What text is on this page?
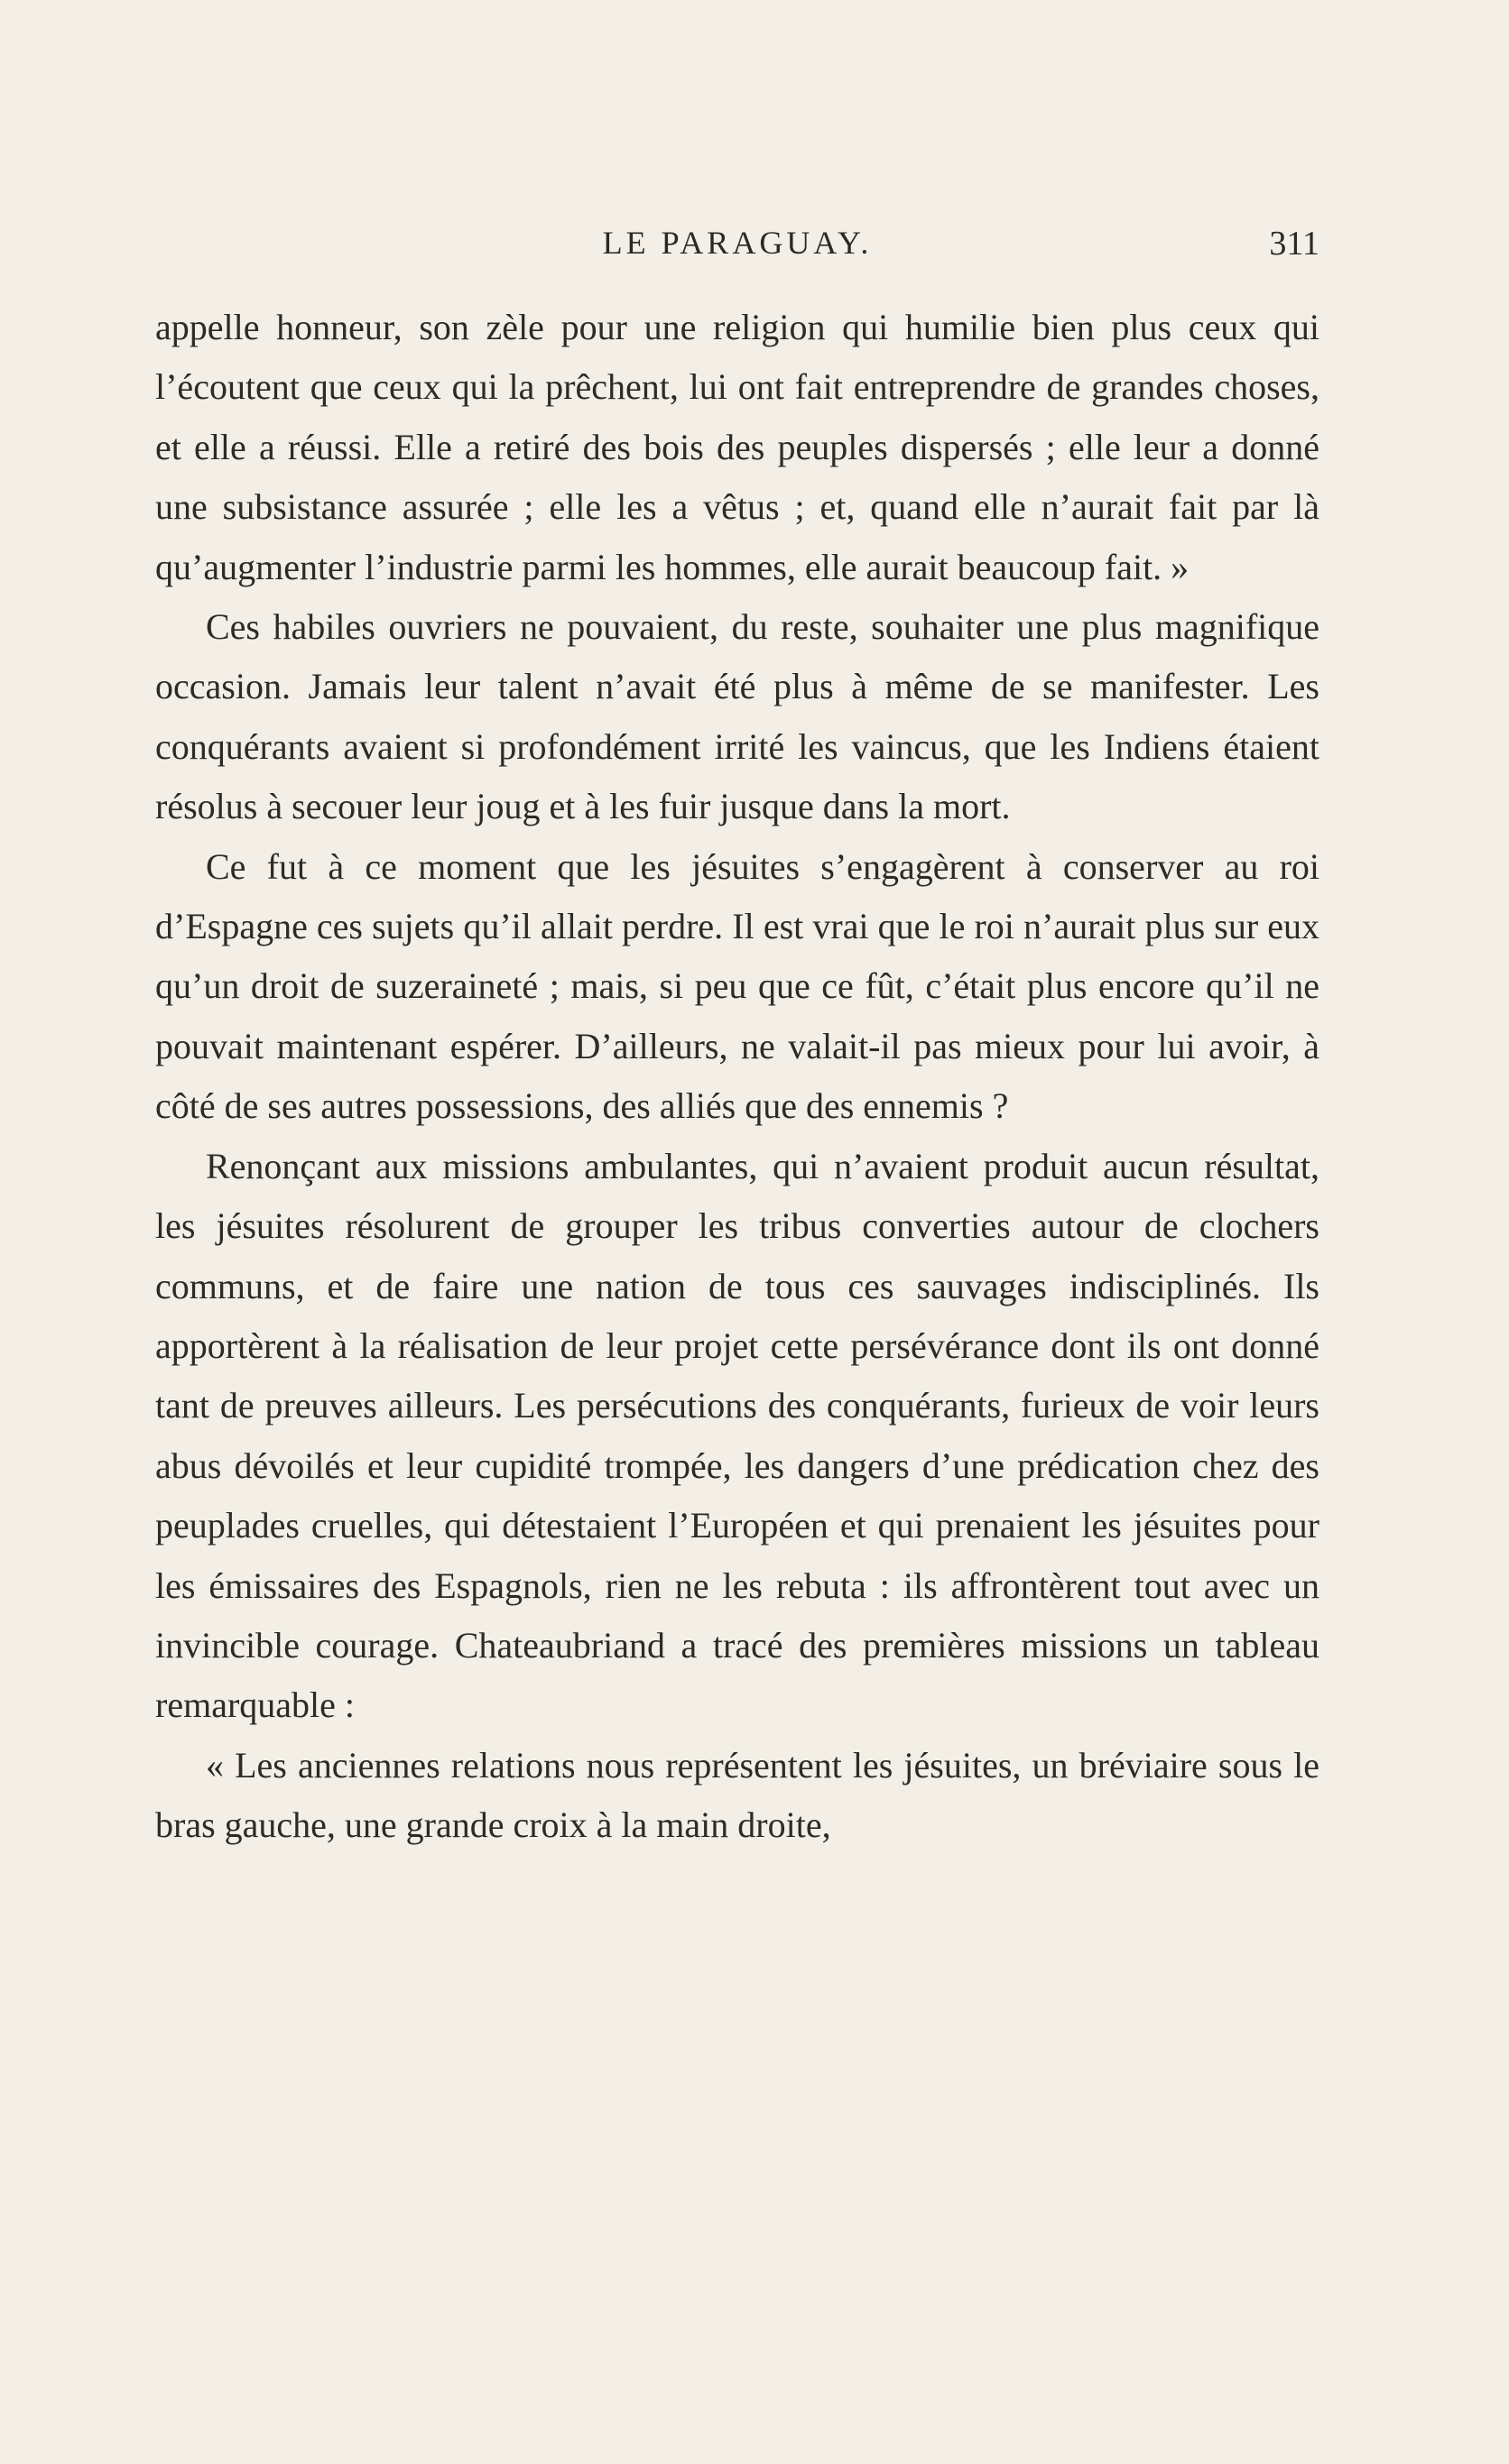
LE PARAGUAY.	311

appelle honneur, son zèle pour une religion qui humilie bien plus ceux qui l’écoutent que ceux qui la prêchent, lui ont fait entreprendre de grandes choses, et elle a réussi. Elle a retiré des bois des peuples dispersés ; elle leur a donné une subsistance assurée ; elle les a vêtus ; et, quand elle n’aurait fait par là qu’augmenter l’industrie parmi les hommes, elle aurait beaucoup fait. »

Ces habiles ouvriers ne pouvaient, du reste, souhaiter une plus magnifique occasion. Jamais leur talent n’avait été plus à même de se manifester. Les conquérants avaient si profondément irrité les vaincus, que les Indiens étaient résolus à secouer leur joug et à les fuir jusque dans la mort.

Ce fut à ce moment que les jésuites s’engagèrent à conserver au roi d’Espagne ces sujets qu’il allait perdre. Il est vrai que le roi n’aurait plus sur eux qu’un droit de suzeraineté ; mais, si peu que ce fût, c’était plus encore qu’il ne pouvait maintenant espérer. D’ailleurs, ne valait-il pas mieux pour lui avoir, à côté de ses autres possessions, des alliés que des ennemis ?

Renonçant aux missions ambulantes, qui n’avaient produit aucun résultat, les jésuites résolurent de grouper les tribus converties autour de clochers communs, et de faire une nation de tous ces sauvages indisciplinés. Ils apportèrent à la réalisation de leur projet cette persévérance dont ils ont donné tant de preuves ailleurs. Les persécutions des conquérants, furieux de voir leurs abus dévoilés et leur cupidité trompée, les dangers d’une prédication chez des peuplades cruelles, qui détestaient l’Européen et qui prenaient les jésuites pour les émissaires des Espagnols, rien ne les rebuta : ils affrontèrent tout avec un invincible courage. Chateaubriand a tracé des premières missions un tableau remarquable :

« Les anciennes relations nous représentent les jésuites, un bréviaire sous le bras gauche, une grande croix à la main droite,
